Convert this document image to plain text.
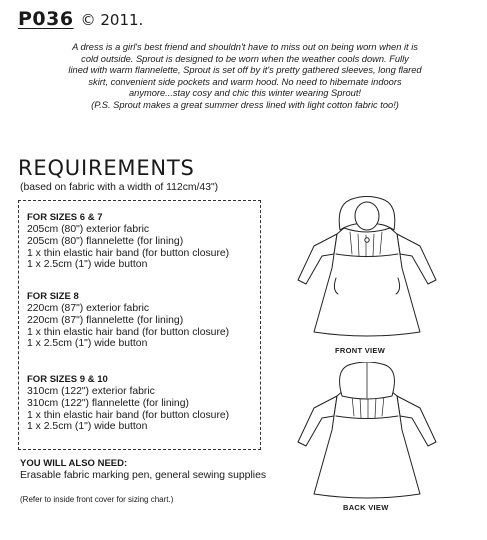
P036 © 2011.

A dress is a girl's best friend and shouldn't have to miss out on being worn when it is

cold outside. Sprout is designed to be worn when the weather cools down. Fully

lined with warm flannelette, Sprout is set off by it's pretty gathered sleeves, long flared

skirt, convenient side pockets and warm hood. No need to hibernate indoors

anymore...stay cosy and chic this winter wearing Sprout!

(P.S. Sprout makes a great summer dress lined with light cotton fabric too!)

REQUIREMENTS
(based on fabric with a width of 112cm/43")
FOR SIZES 6 & 7
205cm (80") exterior fabric
205cm (80") flannelette (for lining)
1 x thin elastic hair band (for button closure)
1 x 2.5cm (1") wide button
FOR SIZE 8
220cm (87") exterior fabric
220cm (87") flannelette (for lining)
1 x thin elastic hair band (for button closure)
1 x 2.5cm (1") wide button
FOR SIZES 9 & 10
310cm (122") exterior fabric
310cm (122") flannelette (for lining)
1 x thin elastic hair band (for button closure)
1 x 2.5cm (1") wide button
YOU WILL ALSO NEED:
Erasable fabric marking pen, general sewing supplies
(Refer to inside front cover for sizing chart.)
FRONT VIEW
BACK VIEW
